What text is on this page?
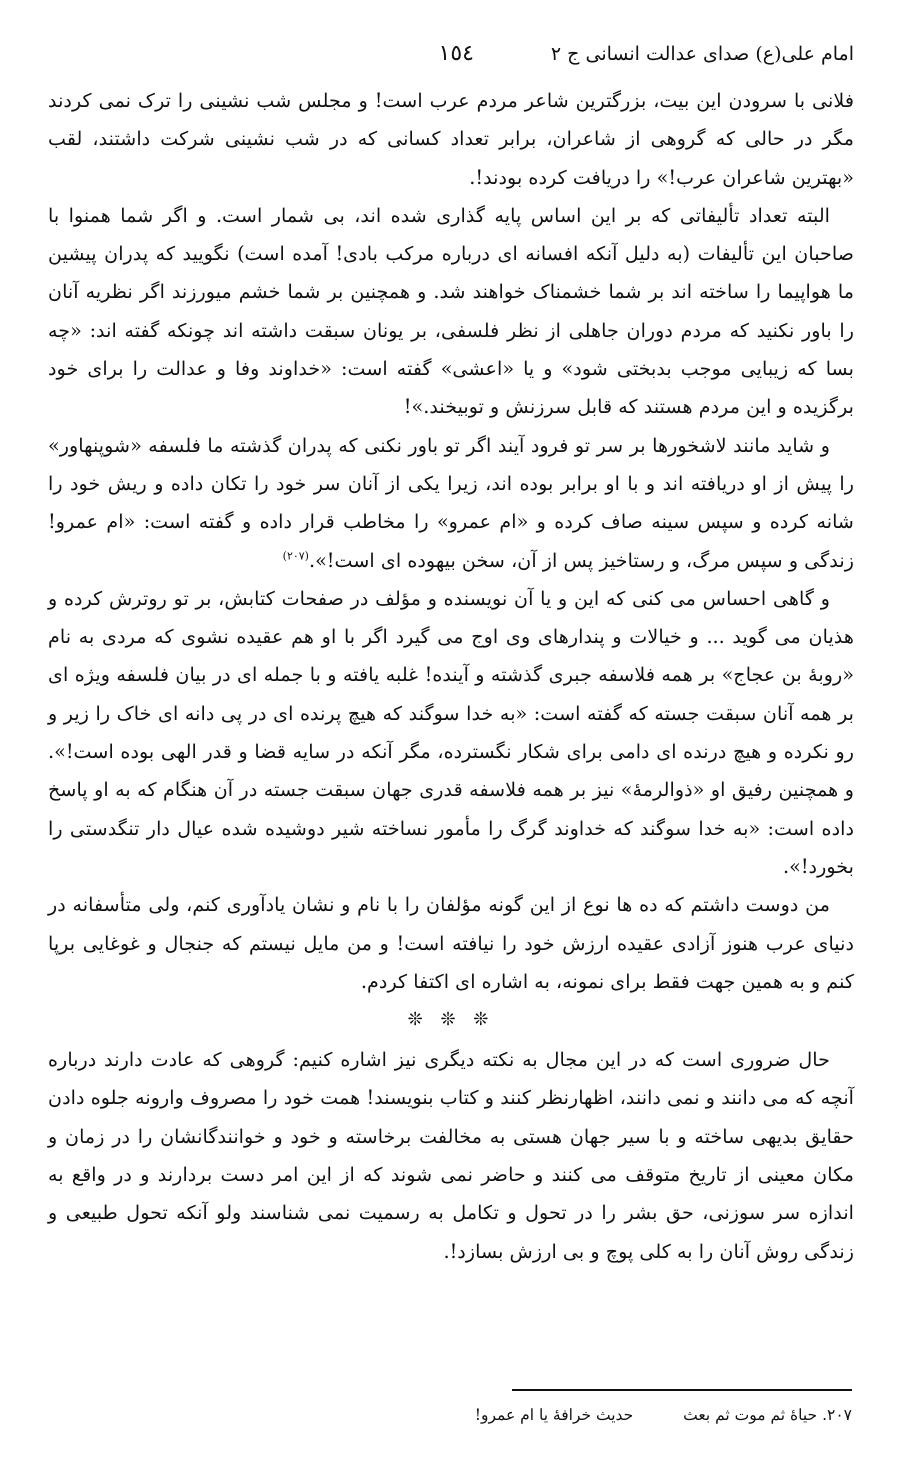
امام علی(ع) صدای عدالت انسانی ج ۲
١٥٤

فلانی با سرودن این بیت، بزرگترین شاعر مردم عرب است! و مجلس شب نشینی را ترک نمی کردند مگر در حالی که گروهی از شاعران، برابر تعداد کسانی که در شب نشینی شرکت داشتند، لقب «بهترین شاعران عرب!» را دریافت کرده بودند!.

البته تعداد تألیفاتی که بر این اساس پایه گذاری شده اند، بی شمار است. و اگر شما همنوا با صاحبان این تألیفات (به دلیل آنکه افسانه ای درباره مرکب بادی! آمده است) نگویید که پدران پیشین ما هواپیما را ساخته اند بر شما خشمناک خواهند شد. و همچنین بر شما خشم میورزند اگر نظریه آنان را باور نکنید که مردم دوران جاهلی از نظر فلسفی، بر یونان سبقت داشته اند چونکه گفته اند: «چه بسا که زیبایی موجب بدبختی شود» و یا «اعشی» گفته است: «خداوند وفا و عدالت را برای خود برگزیده و این مردم هستند که قابل سرزنش و توبیخند.»!

و شاید مانند لاشخورها بر سر تو فرود آیند اگر تو باور نکنی که پدران گذشته ما فلسفه «شوپنهاور» را پیش از او دریافته اند و با او برابر بوده اند، زیرا یکی از آنان سر خود را تکان داده و ریش خود را شانه کرده و سپس سینه صاف کرده و «ام عمرو» را مخاطب قرار داده و گفته است: «ام عمرو! زندگی و سپس مرگ، و رستاخیز پس از آن، سخن بیهوده ای است!».$^{(٢٠٧)}$

و گاهی احساس می کنی که این و یا آن نویسنده و مؤلف در صفحات کتابش، بر تو روترش کرده و هذیان می گوید ... و خیالات و پندارهای وی اوج می گیرد اگر با او هم عقیده نشوی که مردی به نام «روبهٔ بن عجاج» بر همه فلاسفه جبری گذشته و آینده! غلبه یافته و با جمله ای در بیان فلسفه ویژه ای بر همه آنان سبقت جسته که گفته است: «به خدا سوگند که هیچ پرنده ای در پی دانه ای خاک را زیر و رو نکرده و هیچ درنده ای دامی برای شکار نگسترده، مگر آنکه در سایه قضا و قدر الهی بوده است!». و همچنین رفیق او «ذوالرمهٔ» نیز بر همه فلاسفه قدری جهان سبقت جسته در آن هنگام که به او پاسخ داده است: «به خدا سوگند که خداوند گرگ را مأمور نساخته شیر دوشیده شده عیال دار تنگدستی را بخورد!».

من دوست داشتم که ده ها نوع از این گونه مؤلفان را با نام و نشان یادآوری کنم، ولی متأسفانه در دنیای عرب هنوز آزادی عقیده ارزش خود را نیافته است! و من مایل نیستم که جنجال و غوغایی برپا کنم و به همین جهت فقط برای نمونه، به اشاره ای اکتفا کردم.

❊ ❊ ❊

حال ضروری است که در این مجال به نکته دیگری نیز اشاره کنیم: گروهی که عادت دارند درباره آنچه که می دانند و نمی دانند، اظهارنظر کنند و کتاب بنویسند! همت خود را مصروف وارونه جلوه دادن حقایق بدیهی ساخته و با سیر جهان هستی به مخالفت برخاسته و خود و خوانندگانشان را در زمان و مکان معینی از تاریخ متوقف می کنند و حاضر نمی شوند که از این امر دست بردارند و در واقع به اندازه سر سوزنی، حق بشر را در تحول و تکامل به رسمیت نمی شناسند ولو آنکه تحول طبیعی و زندگی روش آنان را به کلی پوچ و بی ارزش بسازد!.

٢٠٧. حیاهٔ ثم موت ثم بعث  حدیث خرافهٔ یا ام عمرو!
